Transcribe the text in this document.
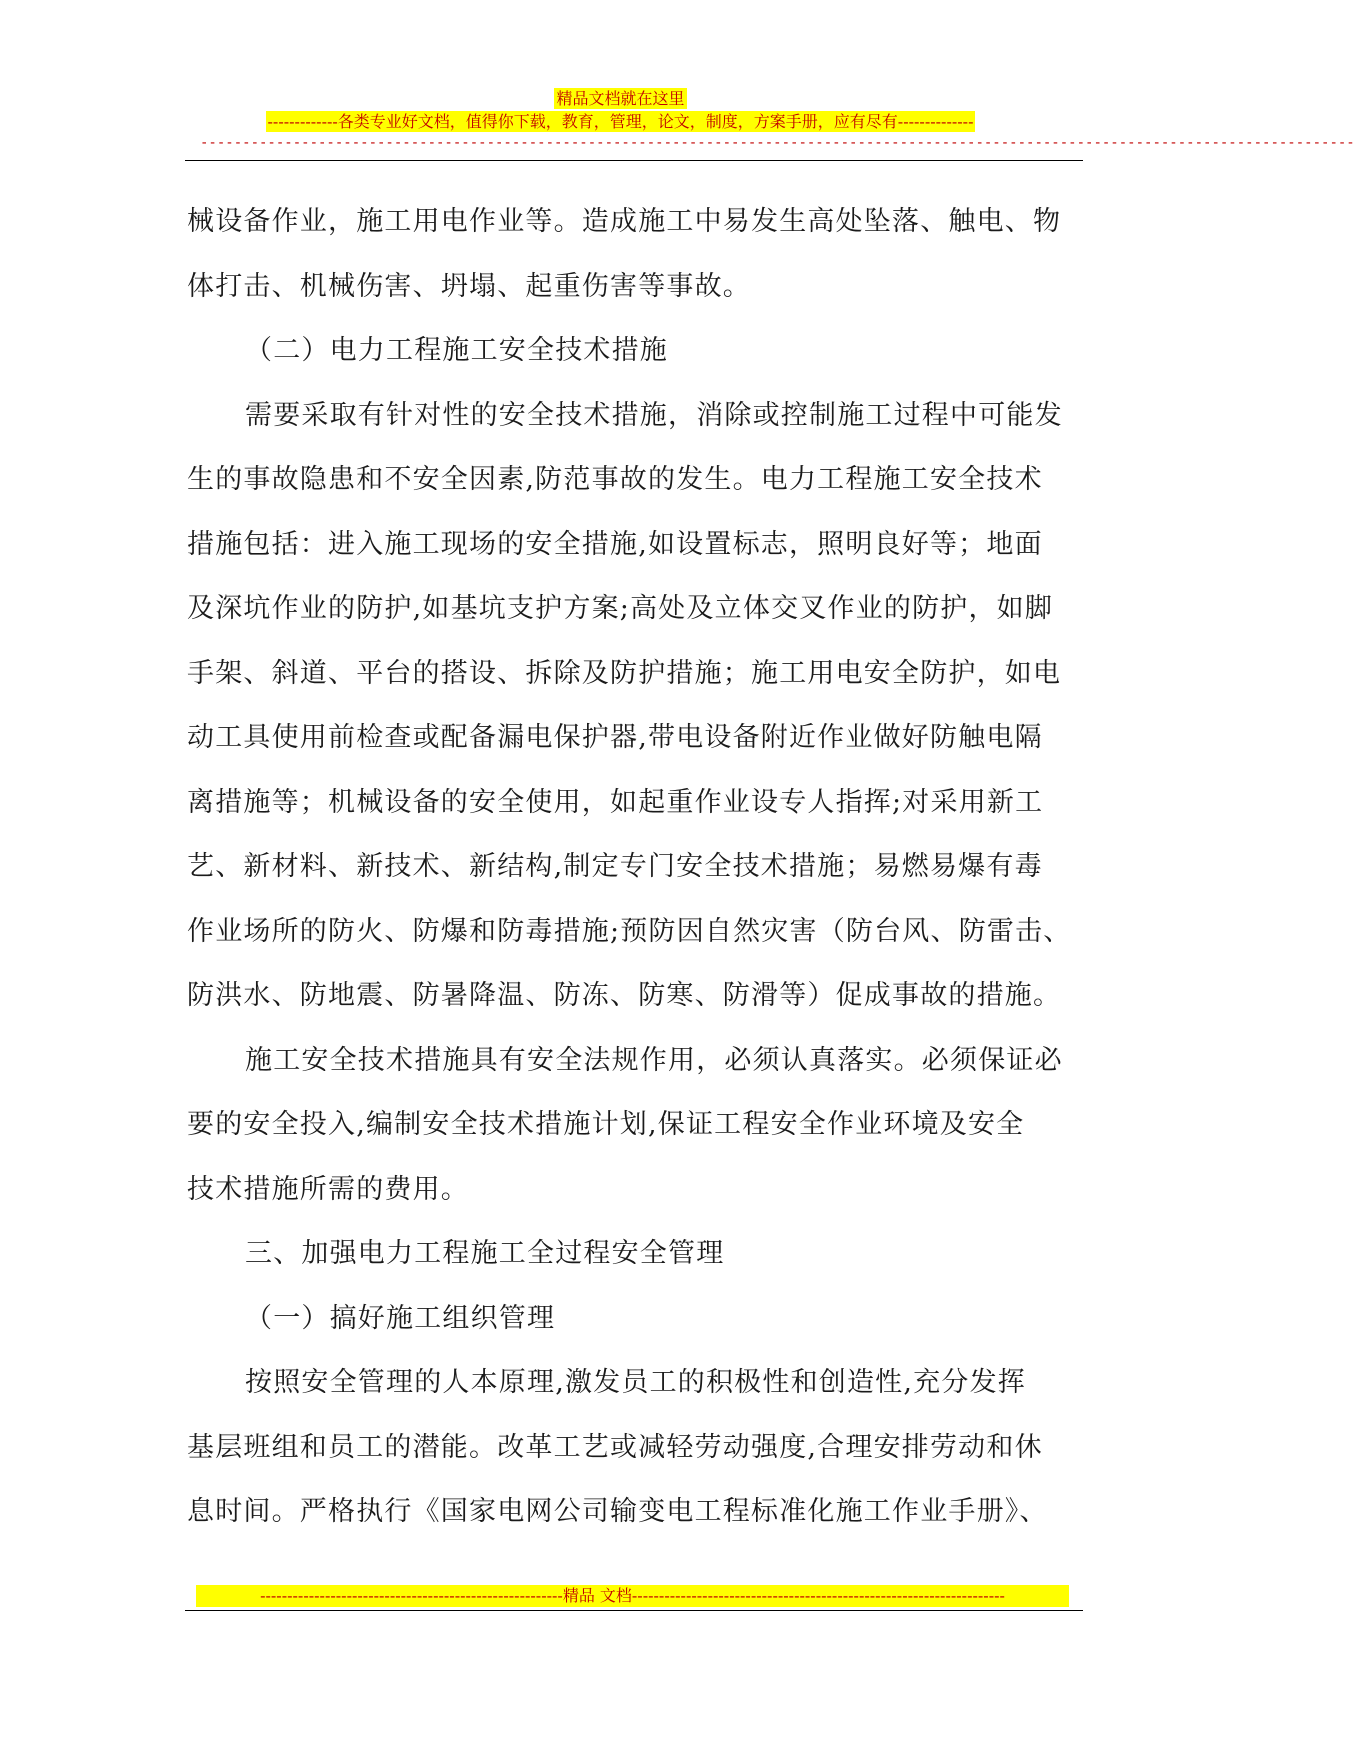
精品文档就在这里
-------------各类专业好文档，值得你下载，教育，管理，论文，制度，方案手册，应有尽有--------------
-----------------------------------------------------------------------------------------------------------------------------------------
械设备作业，施工用电作业等。造成施工中易发生高处坠落、触电、物
体打击、机械伤害、坍塌、起重伤害等事故。
（二）电力工程施工安全技术措施
需要采取有针对性的安全技术措施，消除或控制施工过程中可能发
生的事故隐患和不安全因素,防范事故的发生。电力工程施工安全技术
措施包括：进入施工现场的安全措施,如设置标志，照明良好等；地面
及深坑作业的防护,如基坑支护方案;高处及立体交叉作业的防护，如脚
手架、斜道、平台的搭设、拆除及防护措施；施工用电安全防护，如电
动工具使用前检查或配备漏电保护器,带电设备附近作业做好防触电隔
离措施等；机械设备的安全使用，如起重作业设专人指挥;对采用新工
艺、新材料、新技术、新结构,制定专门安全技术措施；易燃易爆有毒
作业场所的防火、防爆和防毒措施;预防因自然灾害（防台风、防雷击、
防洪水、防地震、防暑降温、防冻、防寒、防滑等）促成事故的措施。
施工安全技术措施具有安全法规作用，必须认真落实。必须保证必
要的安全投入,编制安全技术措施计划,保证工程安全作业环境及安全
技术措施所需的费用。
三、加强电力工程施工全过程安全管理
（一）搞好施工组织管理
按照安全管理的人本原理,激发员工的积极性和创造性,充分发挥
基层班组和员工的潜能。改革工艺或减轻劳动强度,合理安排劳动和休
息时间。严格执行《国家电网公司输变电工程标准化施工作业手册》、
--------------------------------------------------------精品 文档---------------------------------------------------------------------
